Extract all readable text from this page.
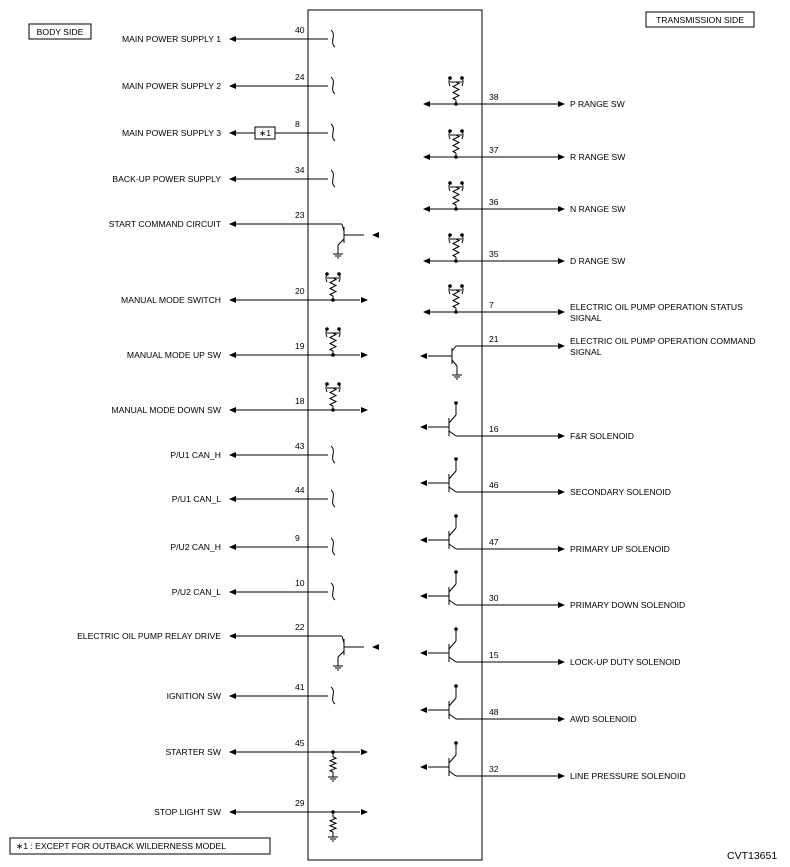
BODY SIDE
TRANSMISSION SIDE
∗1 : EXCEPT FOR OUTBACK WILDERNESS MODEL
CVT13651
MAIN POWER SUPPLY 1
40
MAIN POWER SUPPLY 2
24
MAIN POWER SUPPLY 3
8
∗1
BACK-UP POWER SUPPLY
34
START COMMAND CIRCUIT
23
MANUAL MODE SWITCH
20
MANUAL MODE UP SW
19
MANUAL MODE DOWN SW
18
P/U1 CAN_H
43
P/U1 CAN_L
44
P/U2 CAN_H
9
P/U2 CAN_L
10
ELECTRIC OIL PUMP RELAY DRIVE
22
IGNITION SW
41
STARTER SW
45
STOP LIGHT SW
29
P RANGE SW
38
R RANGE SW
37
N RANGE SW
36
D RANGE SW
35
ELECTRIC OIL PUMP OPERATION STATUS
SIGNAL
7
ELECTRIC OIL PUMP OPERATION COMMAND
SIGNAL
21
F&R SOLENOID
16
SECONDARY SOLENOID
46
PRIMARY UP SOLENOID
47
PRIMARY DOWN SOLENOID
30
LOCK-UP DUTY SOLENOID
15
AWD SOLENOID
48
LINE PRESSURE SOLENOID
32
